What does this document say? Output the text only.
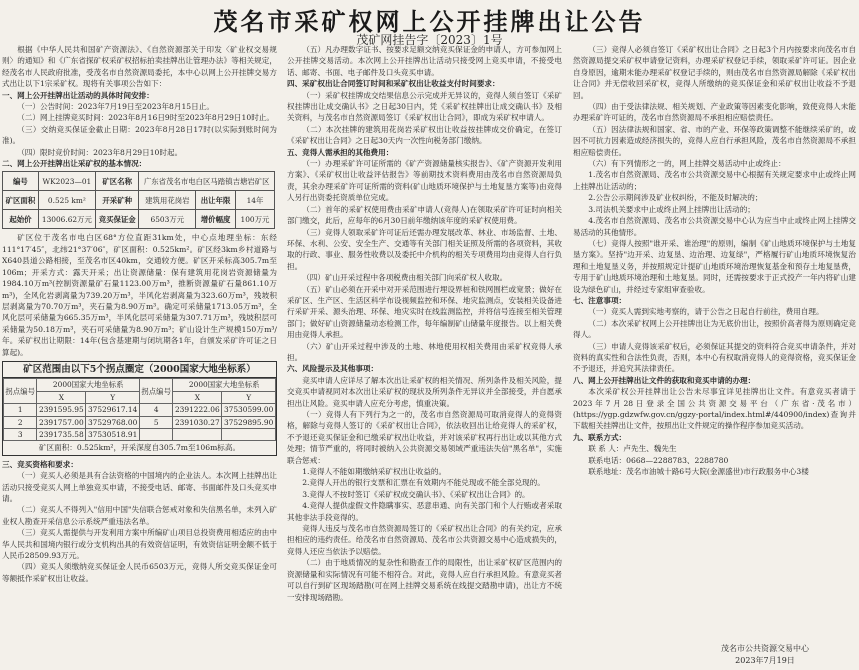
茂名市采矿权网上公开挂牌出让公告
茂矿网挂告字〔2023〕1号

根据《中华人民共和国矿产资源法》、《自然资源部关于印发〈矿业权交易规则〉的通知》和《广东省探矿权采矿权招标拍卖挂牌出让管理办法》等相关规定，经茂名市人民政府批准，受茂名市自然资源局委托，本中心以网上公开挂牌交易方式出让以下1宗采矿权。现将有关事项公告如下：

一、网上公开挂牌出让活动的具体时间安排：

（一）公告时间：2023年7月19日至2023年8月15日止。

（二）网上挂牌竞买时间：2023年8月16日9时至2023年8月29日10时止。

（三）交纳竞买保证金截止日期：2023年8月28日17时(以实际到账时间为准)。

（四）限时竞价时间：2023年8月29日10时起。

二、网上公开挂牌出让采矿权的基本情况：

编号	WK2023—01	矿区名称	广东省茂名市电白区马踏镇吉塘岩矿区		
矿区面积	0.525 km²	开采矿种	建筑用花岗岩	出让年限	14年
起始价	13006.62万元	竞买保证金	6503万元	增价幅度	100万元

矿区位于茂名市电白区68°方位直距31km处，中心点地理坐标：东经111°17′45″，北纬21°37′06″，矿区面积：0.525km²。矿区经3km乡村道路与X640县道公路相接，至茂名市区40km，交通较方便。矿区开采标高305.7m至106m；开采方式：露天开采；出让资源储量：保有建筑用花岗岩资源储量为1984.10万m³(控制资源量矿石量1123.00万m³，推断资源量矿石量861.10万m³)，全风化岩剥离量为739.20万m³，半风化岩剥离量为323.60万m³，残坡积层剥离量为70.70万m³，夹石量为8.90万m³。确定可采储量1713.05万m³，全风化层可采储量为665.35万m³，半风化层可采储量为307.71万m³，残坡积层可采储量为50.18万m³，夹石可采储量为8.90万m³；矿山设计生产规模150万m³/年。采矿权出让期限：14年(包含基建期与闭坑期各1年，自颁发采矿许可证之日算起)。

矿区范围由以下5个拐点圈定（2000国家大地坐标系）
拐点编号	2000国家大地坐标系		拐点编号	2000国家大地坐标系	
	X	Y		X	Y
1	2391595.95	37529617.14	4	2391222.06	37530599.00
2	2391757.00	37529768.00	5	2391030.27	37529895.90
3	2391735.58	37530518.91			
矿区面积：0.525km²，开采深度自305.7m至106m标高。

三、竞买资格和要求：

（一）竞买人必须是具有合法资格的中国境内的企业法人。本次网上挂牌出让活动只接受竞买人网上单独竞买申请，不接受电话、邮寄、书面邮件及口头竞买申请。

（二）竞买人不得列入"信用中国"失信联合惩戒对象和失信黑名单，未列入矿业权人勘查开采信息公示系统严重违法名单。

（三）竞买人需提供与开发利用方案中所编矿山项目总投资费用相适应的由中华人民共和国境内银行或分支机构出具的有效资信证明，有效资信证明金额不低于人民币28509.93万元。

（四）竞买人须缴纳竞买保证金人民币6503万元，竞得人所交竞买保证金可等额抵作采矿权出让收益。

（五）凡办理数字证书、按要求足额交纳竞买保证金的申请人，方可参加网上公开挂牌交易活动。本次网上公开挂牌出让活动只接受网上竞买申请，不接受电话、邮寄、书面、电子邮件及口头竞买申请。

四、采矿权出让合同签订时间和采矿权出让收益支付时间要求：

（一）采矿权挂牌成交结果信息公示完成并无异议的，竞得人须自签订《采矿权挂牌出让成交确认书》之日起30日内，凭《采矿权挂牌出让成交确认书》及相关资料，与茂名市自然资源局签订《采矿权出让合同》，即成为采矿权申请人。

（二）本次挂牌的建筑用花岗岩采矿权出让收益按挂牌成交价确定，在签订《采矿权出让合同》之日起30天内一次性向税务部门缴纳。

五、竞得人需承担的其他费用：

（一）办理采矿许可证所需的《矿产资源储量核实报告》、《矿产资源开发利用方案》、《采矿权出让收益评估报告》等前期技术资料费用由茂名市自然资源局负责，其余办理采矿许可证所需的资料(矿山地质环境保护与土地复垦方案等)由竞得人另行出资委托资质单位完成。

（二）首年的采矿权使用费由采矿申请人(竞得人)在领取采矿许可证时向相关部门缴交，此后，应每年的6月30日前年缴纳该年度的采矿权使用费。

（三）竞得人领取采矿许可证后还需办理发展改革、林业、市场监督、土地、环保、水利、公安、安全生产、交通等有关部门相关证照及所需的各项资料，其收取的行政、事业、服务性收费以及委托中介机构的相关专项费用均由竞得人自行负担。

（四）矿山开采过程中各项税费由相关部门向采矿权人收取。

（五）矿山必须在开采中对开采范围进行埋设界桩和铁网围栏或宽景；做好在采矿区、生产区、生活区科学布设视频监控和环保、地灾监测点，安装相关设备进行采矿开采、源头治理、环保、地灾实时在线监测监控，并将信号连接至相关管理部门；做好矿山资源储量动态检测工作，每年编制矿山储量年度报告。以上相关费用由竞得人承担。

（六）矿山开采过程中涉及的土地、林地使用权相关费用由采矿权竞得人承担。

六、风险提示及其他事项：

竞买申请人应详尽了解本次出让采矿权的相关情况、所列条件及相关风险，提交竞买申请视同对本次出让采矿权的现状及所列条件无异议并全部接受，并自愿承担出让风险。竞买申请人应充分考虑，慎重决策。

（一）竞得人有下列行为之一的，茂名市自然资源局可取消竞得人的竞得资格，解除与竞得人签订的《采矿权出让合同》，依法收回出让给竞得人的采矿权，不予退还竞买保证金和已缴采矿权出让收益，并对该采矿权再行出让或以其他方式处理；情节严重的，将同时被纳入公共资源交易领域严重违法失信"黑名单"，实施联合惩戒：

1.竞得人不能如期缴纳采矿权出让收益的。

2.竞得人开出的银行支票和汇票在有效期内不能兑现或不能全部兑现的。

3.竞得人不按时签订《采矿权成交确认书》、《采矿权出让合同》的。

4.竞得人提供虚假文件隐瞒事实、恶意串通、向有关部门和个人行贿或者采取其他非法手段竞得的。

竞得人违反与茂名市自然资源局签订的《采矿权出让合同》的有关约定，应承担相应的违约责任。给茂名市自然资源局、茂名市公共资源交易中心造成损失的，竞得人还应当依法予以赔偿。

（二）由于地质情况的复杂性和勘查工作的局限性，出让采矿权矿区范围内的资源储量和实际情况有可能不相符合。对此，竞得人应自行承担风险。有意竞买者可以自行到矿区现场踏勘(可在网上挂牌交易系统在线提交踏勘申请)，出让方不统一安排现场踏勘。

（三）竞得人必须自签订《采矿权出让合同》之日起3个月内按要求向茂名市自然资源局提交采矿权申请登记资料，办理采矿权登记手续，领取采矿许可证。因企业自身原因，逾期未能办理采矿权登记手续的，则由茂名市自然资源局解除《采矿权出让合同》并无偿收回采矿权，竞得人所缴纳的竞买保证金和采矿权出让收益不予退回。

（四）由于受法律法规、相关规划、产业政策等因素变化影响，致使竞得人未能办理采矿许可证的，茂名市自然资源局不承担相应赔偿责任。

（五）因法律法规和国家、省、市的产业、环保等政策调整不能继续采矿的，或因不可抗力因素造成经济损失的，竞得人应自行承担风险，茂名市自然资源局不承担相应赔偿责任。

（六）有下列情形之一的，网上挂牌交易活动中止或终止：

1.茂名市自然资源局、茂名市公共资源交易中心根据有关规定要求中止或终止网上挂牌出让活动的；

2.公告公示期间涉及矿业权纠纷，不能及时解决的；

3.司法机关要求中止或终止网上挂牌出让活动的；

4.茂名市自然资源局、茂名市公共资源交易中心认为应当中止或终止网上挂牌交易活动的其他情形。

（七）竞得人按照"谁开采、谁治理"的原则，编制《矿山地质环境保护与土地复垦方案》。坚持"边开采、边复垦、边治理、边复绿"，严格履行矿山地质环境恢复治理和土地复垦义务，并按照规定计提矿山地质环境治理恢复基金和预存土地复垦费，专用于矿山地质环境治理和土地复垦。同时，还需按要求于正式投产一年内将矿山建设为绿色矿山，并经过专家组审查验收。

七、注意事项：

（一）竞买人需到实地考察的，请于公告之日起自行前往，费用自理。

（二）本次采矿权网上公开挂牌出让为无底价出让，按照价高者得为原则确定竞得人。

（三）申请人竞得该采矿权后，必须保证其提交的资料符合竞买申请条件，并对资料的真实性和合法性负责，否则，本中心有权取消竞得人的竞得资格，竞买保证金不予退还，并追究其法律责任。

八、网上公开挂牌出让文件的获取和竞买申请的办理：

本次采矿权公开挂牌出让公告未尽事宜详见挂牌出让文件。有意竞买者请于2023年7月28日登录全国公共资源交易平台（广东省·茂名市）(https://ygp.gdzwfw.gov.cn/ggzy-portal/index.html#/440900/index)查询并下载相关挂牌出让文件，按照出让文件规定的操作程序参加竞买活动。

九、联系方式：

联 系 人：卢先生、魏先生

联系电话：0668—2288783、2288780

联系地址：茂名市油城十路6号大院(金源盛世)市行政服务中心3楼

茂名市公共资源交易中心
2023年7月19日
